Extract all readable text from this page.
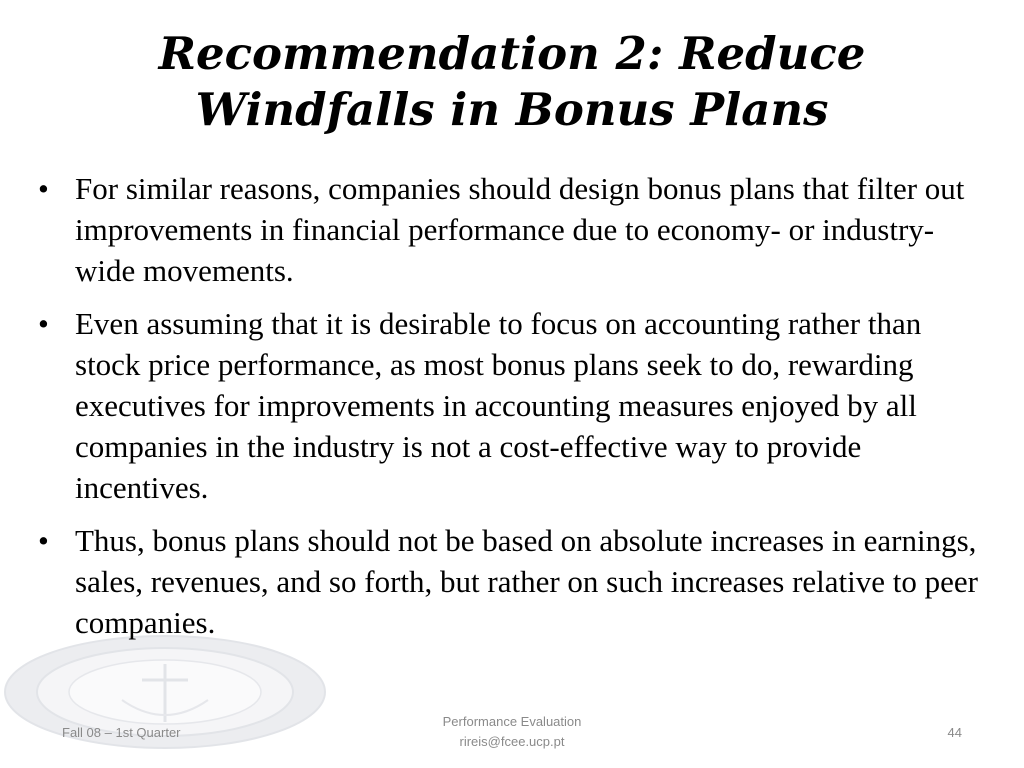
Recommendation 2: Reduce Windfalls in Bonus Plans
• For similar reasons, companies should design bonus plans that filter out improvements in financial performance due to economy- or industry-wide movements.
• Even assuming that it is desirable to focus on accounting rather than stock price performance, as most bonus plans seek to do, rewarding executives for improvements in accounting measures enjoyed by all companies in the industry is not a cost-effective way to provide incentives.
• Thus, bonus plans should not be based on absolute increases in earnings, sales, revenues, and so forth, but rather on such increases relative to peer companies.
Fall 08 – 1st Quarter
Performance Evaluation
rireis@fcee.ucp.pt
44
